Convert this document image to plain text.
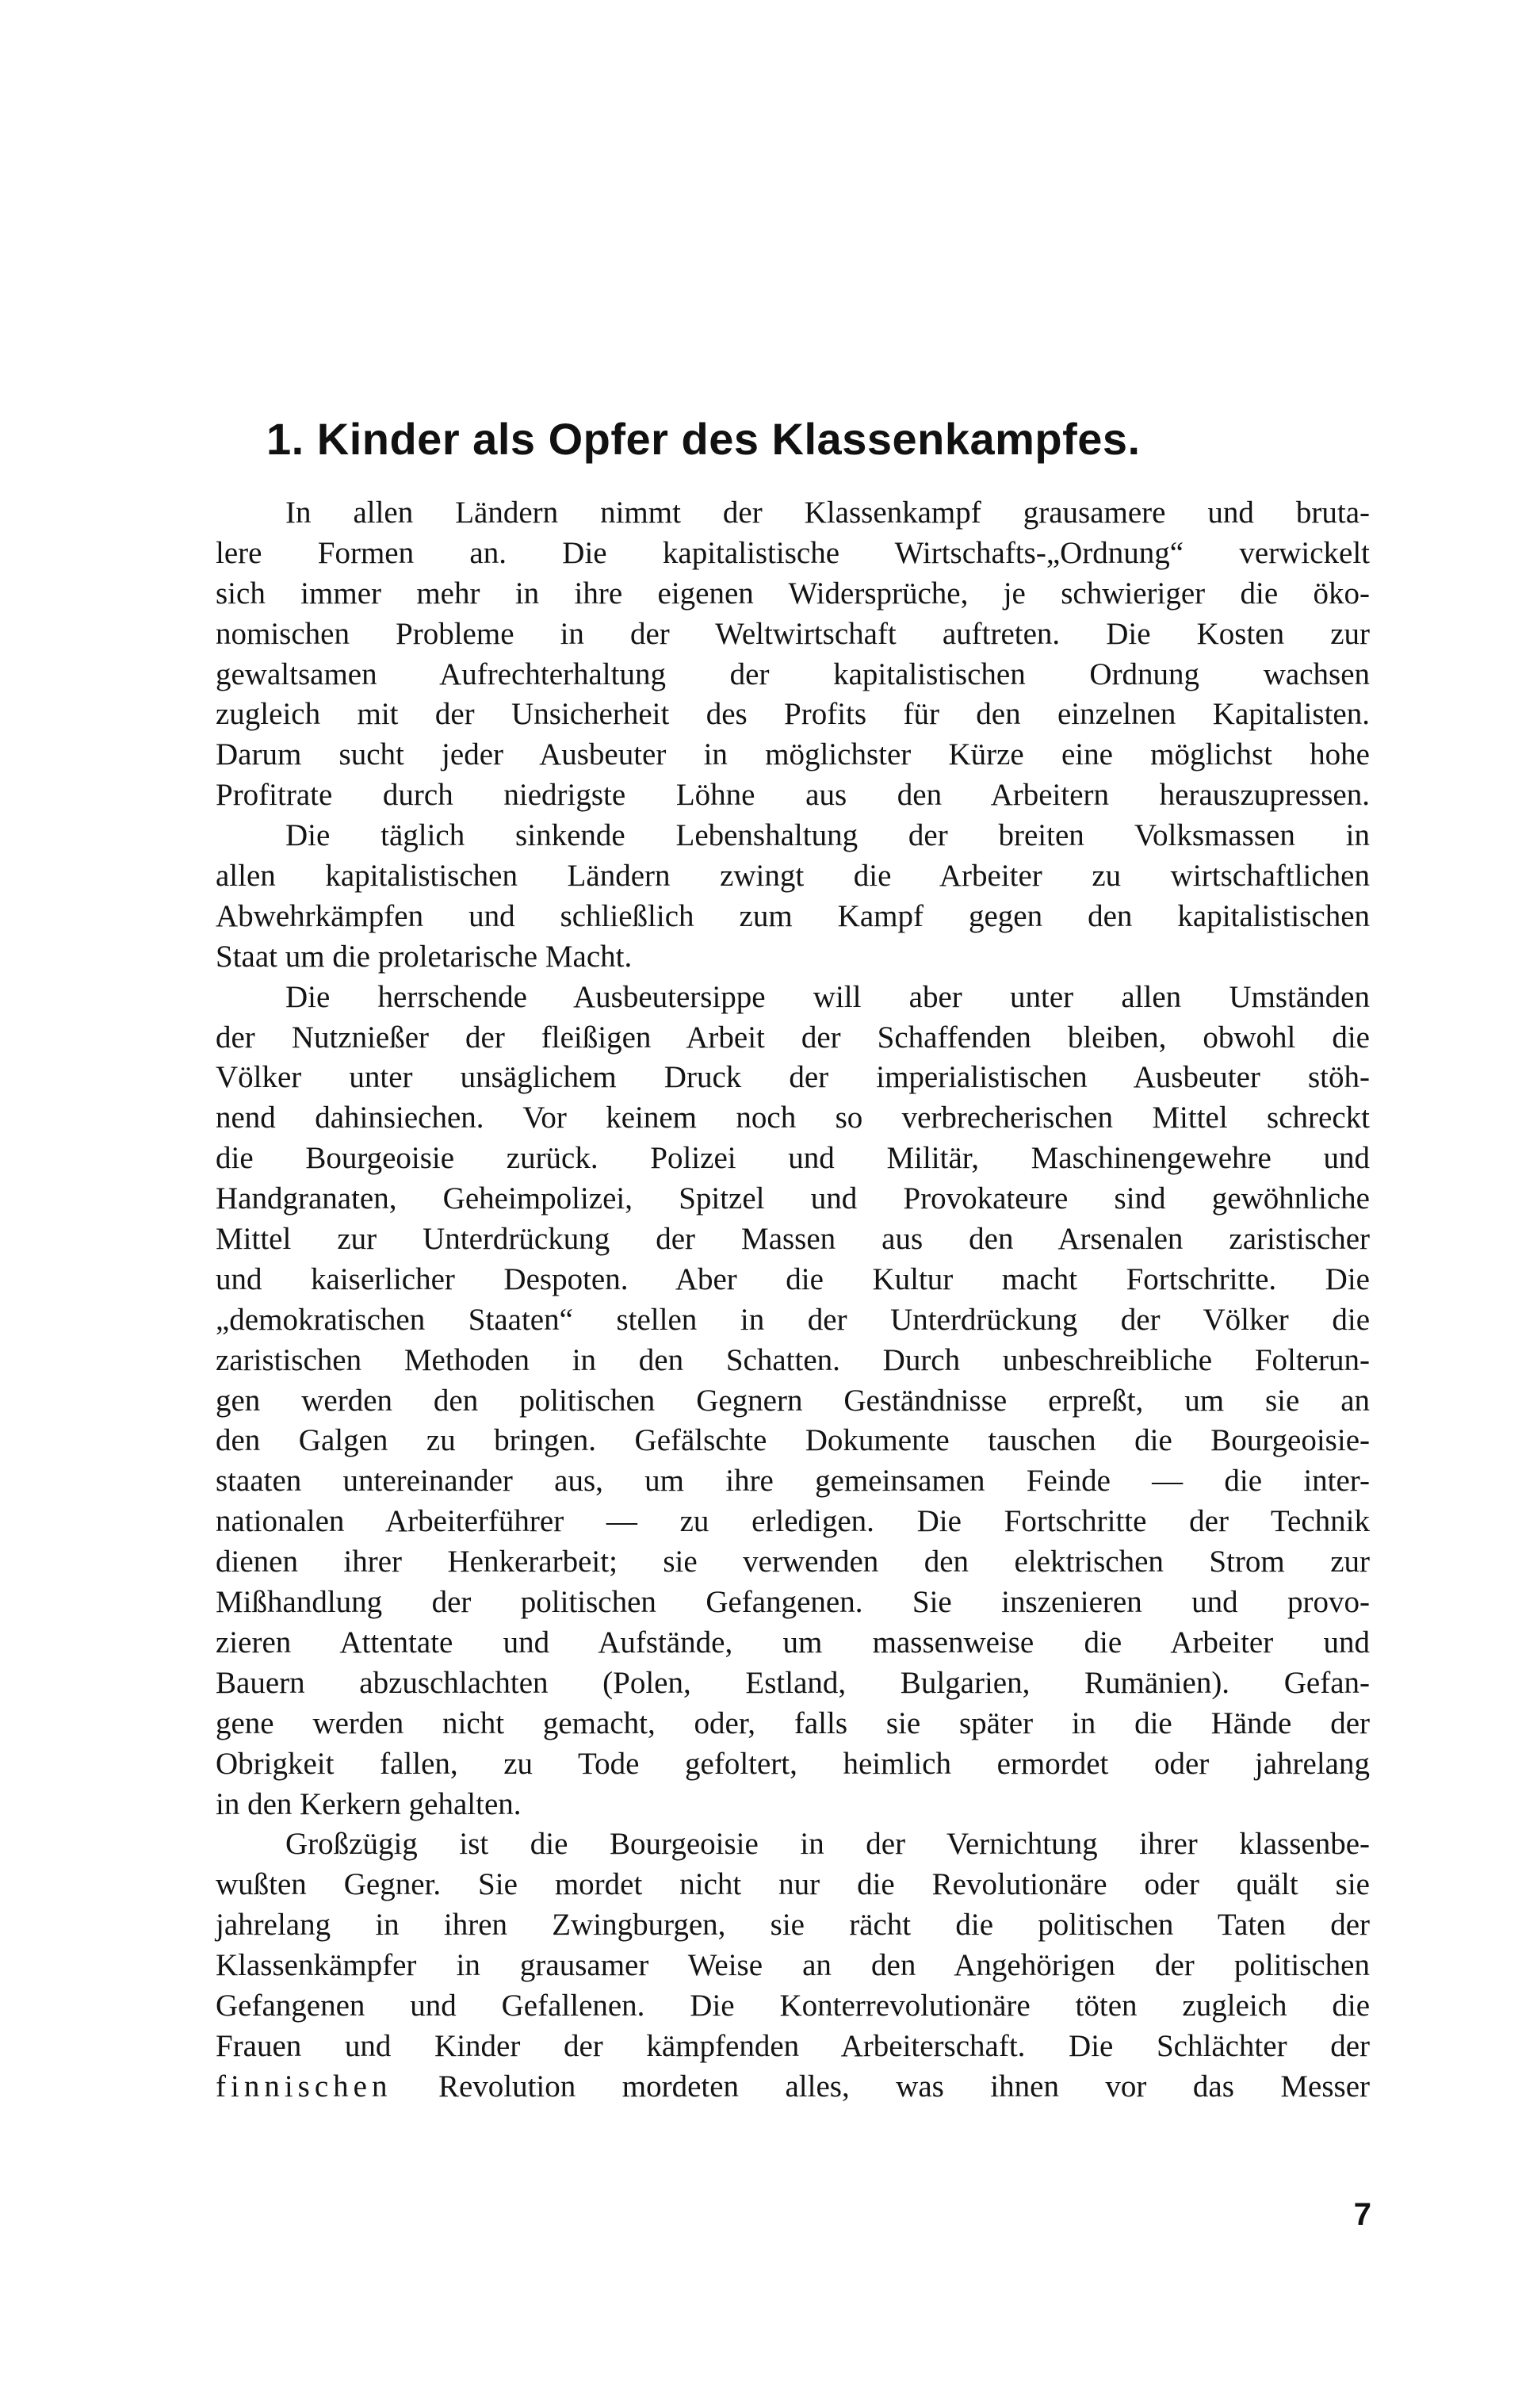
1. Kinder als Opfer des Klassenkampfes.
In allen Ländern nimmt der Klassenkampf grausamere und bruta-
lere Formen an. Die kapitalistische Wirtschafts-„Ordnung“ verwickelt
sich immer mehr in ihre eigenen Widersprüche, je schwieriger die öko-
nomischen Probleme in der Weltwirtschaft auftreten. Die Kosten zur
gewaltsamen Aufrechterhaltung der kapitalistischen Ordnung wachsen
zugleich mit der Unsicherheit des Profits für den einzelnen Kapitalisten.
Darum sucht jeder Ausbeuter in möglichster Kürze eine möglichst hohe
Profitrate durch niedrigste Löhne aus den Arbeitern herauszupressen.
Die täglich sinkende Lebenshaltung der breiten Volksmassen in
allen kapitalistischen Ländern zwingt die Arbeiter zu wirtschaftlichen
Abwehrkämpfen und schließlich zum Kampf gegen den kapitalistischen
Staat um die proletarische Macht.
Die herrschende Ausbeutersippe will aber unter allen Umständen
der Nutznießer der fleißigen Arbeit der Schaffenden bleiben, obwohl die
Völker unter unsäglichem Druck der imperialistischen Ausbeuter stöh-
nend dahinsiechen. Vor keinem noch so verbrecherischen Mittel schreckt
die Bourgeoisie zurück. Polizei und Militär, Maschinengewehre und
Handgranaten, Geheimpolizei, Spitzel und Provokateure sind gewöhnliche
Mittel zur Unterdrückung der Massen aus den Arsenalen zaristischer
und kaiserlicher Despoten. Aber die Kultur macht Fortschritte. Die
„demokratischen Staaten“ stellen in der Unterdrückung der Völker die
zaristischen Methoden in den Schatten. Durch unbeschreibliche Folterun-
gen werden den politischen Gegnern Geständnisse erpreßt, um sie an
den Galgen zu bringen. Gefälschte Dokumente tauschen die Bourgeoisie-
staaten untereinander aus, um ihre gemeinsamen Feinde — die inter-
nationalen Arbeiterführer — zu erledigen. Die Fortschritte der Technik
dienen ihrer Henkerarbeit; sie verwenden den elektrischen Strom zur
Mißhandlung der politischen Gefangenen. Sie inszenieren und provo-
zieren Attentate und Aufstände, um massenweise die Arbeiter und
Bauern abzuschlachten (Polen, Estland, Bulgarien, Rumänien). Gefan-
gene werden nicht gemacht, oder, falls sie später in die Hände der
Obrigkeit fallen, zu Tode gefoltert, heimlich ermordet oder jahrelang
in den Kerkern gehalten.
Großzügig ist die Bourgeoisie in der Vernichtung ihrer klassenbe-
wußten Gegner. Sie mordet nicht nur die Revolutionäre oder quält sie
jahrelang in ihren Zwingburgen, sie rächt die politischen Taten der
Klassenkämpfer in grausamer Weise an den Angehörigen der politischen
Gefangenen und Gefallenen. Die Konterrevolutionäre töten zugleich die
Frauen und Kinder der kämpfenden Arbeiterschaft. Die Schlächter der
finnischen Revolution mordeten alles, was ihnen vor das Messer
7
